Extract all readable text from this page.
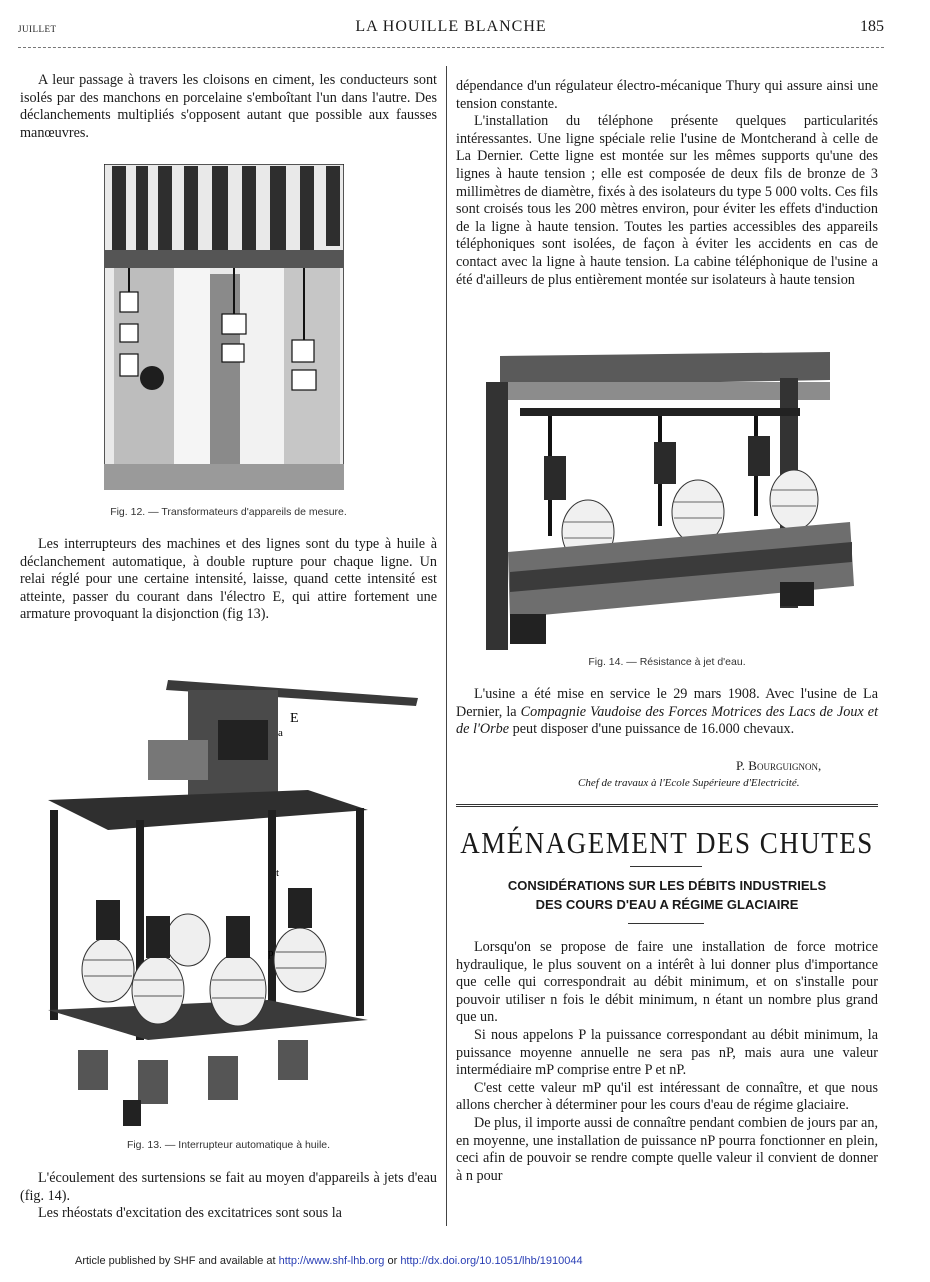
JUILLET	LA HOUILLE BLANCHE	185

A leur passage à travers les cloisons en ciment, les conducteurs sont isolés par des manchons en porcelaine s'emboîtant l'un dans l'autre. Des déclanchements multipliés s'opposent autant que possible aux fausses manœuvres.

Fig. 12. — Transformateurs d'appareils de mesure.

Les interrupteurs des machines et des lignes sont du type à huile à déclanchement automatique, à double rupture pour chaque ligne. Un relai réglé pour une certaine intensité, laisse, quand cette intensité est atteinte, passer du courant dans l'électro E, qui attire fortement une armature provoquant la disjonction (fig 13).

E
a
t
p
Fig. 13. — Interrupteur automatique à huile.

L'écoulement des surtensions se fait au moyen d'appareils à jets d'eau (fig. 14).

Les rhéostats d'excitation des excitatrices sont sous la

dépendance d'un régulateur électro-mécanique Thury qui assure ainsi une tension constante.

L'installation du téléphone présente quelques particularités intéressantes. Une ligne spéciale relie l'usine de Montcherand à celle de La Dernier. Cette ligne est montée sur les mêmes supports qu'une des lignes à haute tension ; elle est composée de deux fils de bronze de 3 millimètres de diamètre, fixés à des isolateurs du type 5 000 volts. Ces fils sont croisés tous les 200 mètres environ, pour éviter les effets d'induction de la ligne à haute tension. Toutes les parties accessibles des appareils téléphoniques sont isolées, de façon à éviter les accidents en cas de contact avec la ligne à haute tension. La cabine téléphonique de l'usine a été d'ailleurs de plus entièrement montée sur isolateurs à haute tension

Fig. 14. — Résistance à jet d'eau.

L'usine a été mise en service le 29 mars 1908. Avec l'usine de La Dernier, la Compagnie Vaudoise des Forces Motrices des Lacs de Joux et de l'Orbe peut disposer d'une puissance de 16.000 chevaux.

P. Bourguignon,
Chef de travaux à l'Ecole Supérieure d'Electricité.
AMÉNAGEMENT DES CHUTES
CONSIDÉRATIONS SUR LES DÉBITS INDUSTRIELS
DES COURS D'EAU A RÉGIME GLACIAIRE

Lorsqu'on se propose de faire une installation de force motrice hydraulique, le plus souvent on a intérêt à lui donner plus d'importance que celle qui correspondrait au débit minimum, et on s'installe pour pouvoir utiliser n fois le débit minimum, n étant un nombre plus grand que un.

Si nous appelons P la puissance correspondant au débit minimum, la puissance moyenne annuelle ne sera pas nP, mais aura une valeur intermédiaire mP comprise entre P et nP.

C'est cette valeur mP qu'il est intéressant de connaître, et que nous allons chercher à déterminer pour les cours d'eau de régime glaciaire.

De plus, il importe aussi de connaître pendant combien de jours par an, en moyenne, une installation de puissance nP pourra fonctionner en plein, ceci afin de pouvoir se rendre compte quelle valeur il convient de donner à n pour

Article published by SHF and available at http://www.shf-lhb.org or http://dx.doi.org/10.1051/lhb/1910044
